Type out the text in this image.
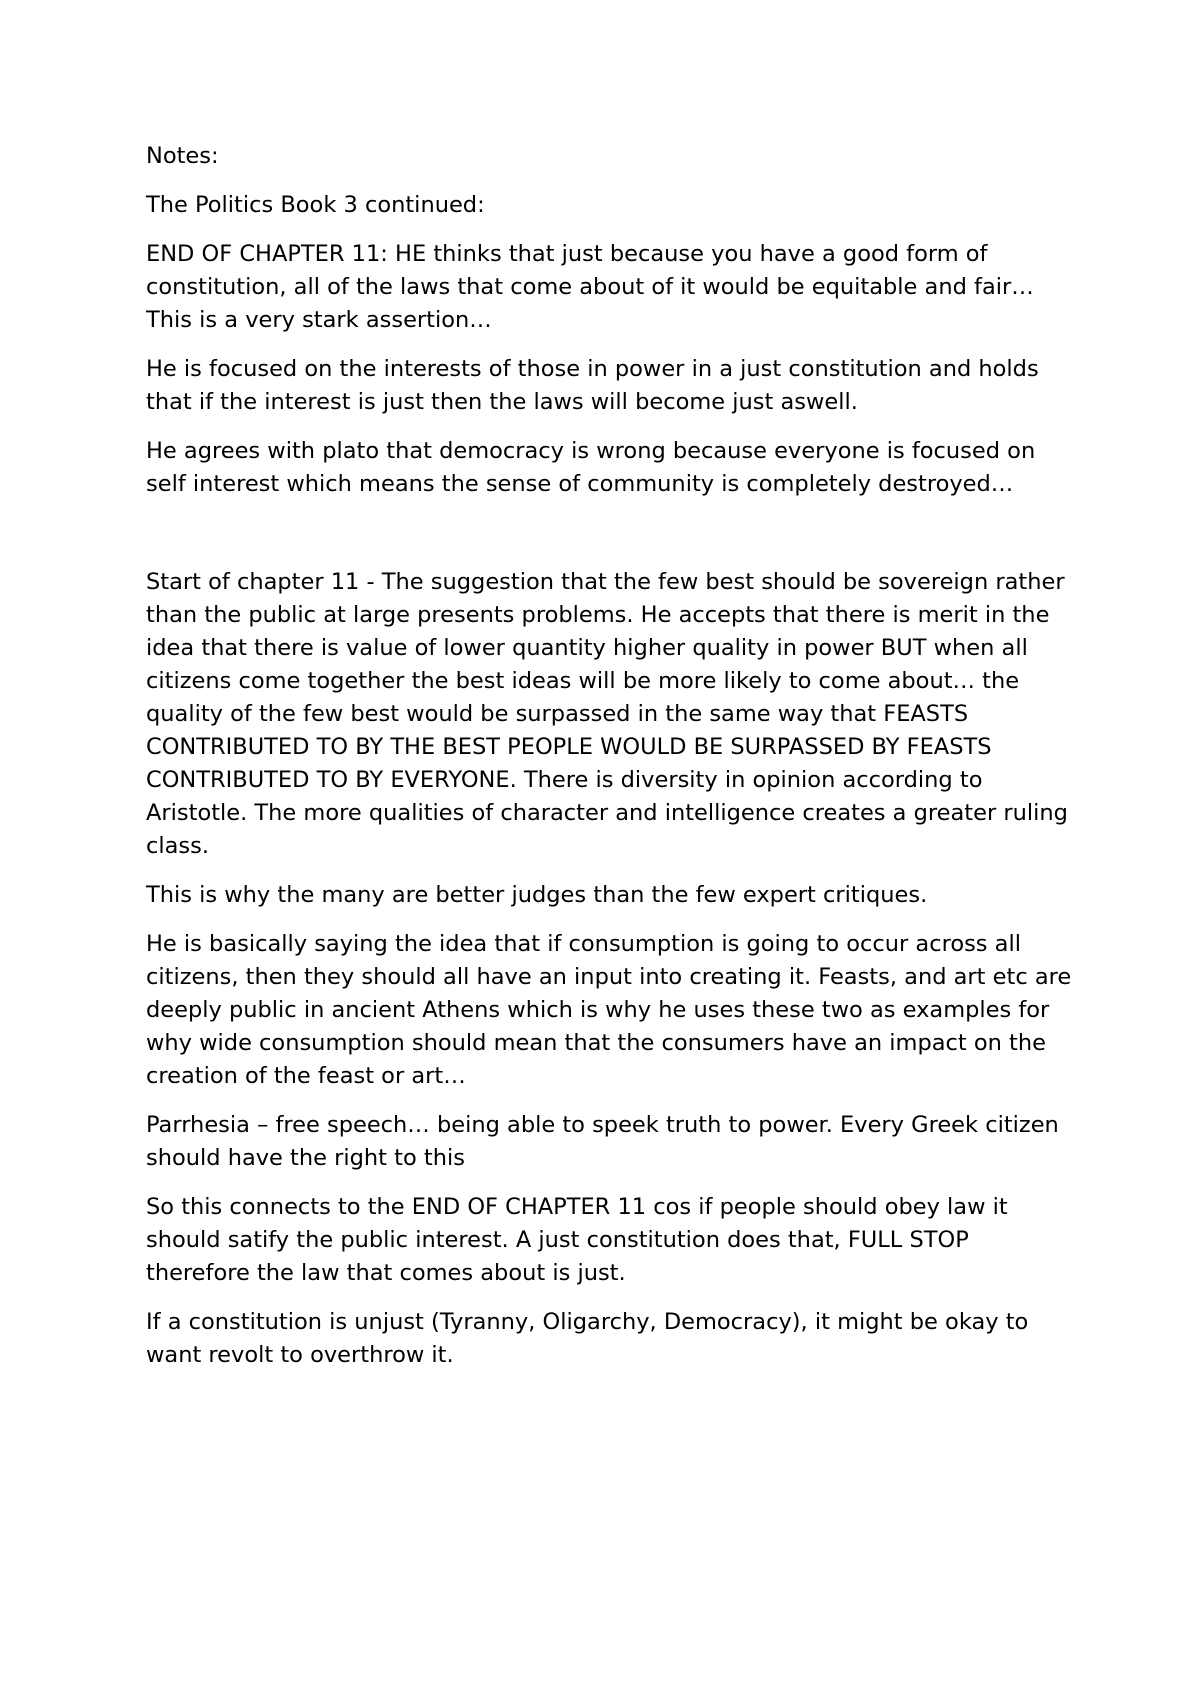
Notes:

The Politics Book 3 continued:

END OF CHAPTER 11: HE thinks that just because you have a good form of constitution, all of the laws that come about of it would be equitable and fair… This is a very stark assertion…

He is focused on the interests of those in power in a just constitution and holds that if the interest is just then the laws will become just aswell.

He agrees with plato that democracy is wrong because everyone is focused on self interest which means the sense of community is completely destroyed…

Start of chapter 11 - The suggestion that the few best should be sovereign rather than the public at large presents problems. He accepts that there is merit in the idea that there is value of lower quantity higher quality in power BUT when all citizens come together the best ideas will be more likely to come about… the quality of the few best would be surpassed in the same way that FEASTS CONTRIBUTED TO BY THE BEST PEOPLE WOULD BE SURPASSED BY FEASTS CONTRIBUTED TO BY EVERYONE. There is diversity in opinion according to Aristotle. The more qualities of character and intelligence creates a greater ruling class.

This is why the many are better judges than the few expert critiques.

He is basically saying the idea that if consumption is going to occur across all citizens, then they should all have an input into creating it. Feasts, and art etc are deeply public in ancient Athens which is why he uses these two as examples for why wide consumption should mean that the consumers have an impact on the creation of the feast or art…

Parrhesia – free speech… being able to speek truth to power. Every Greek citizen should have the right to this

So this connects to the END OF CHAPTER 11 cos if people should obey law it should satify the public interest. A just constitution does that, FULL STOP therefore the law that comes about is just.

If a constitution is unjust (Tyranny, Oligarchy, Democracy), it might be okay to want revolt to overthrow it.
